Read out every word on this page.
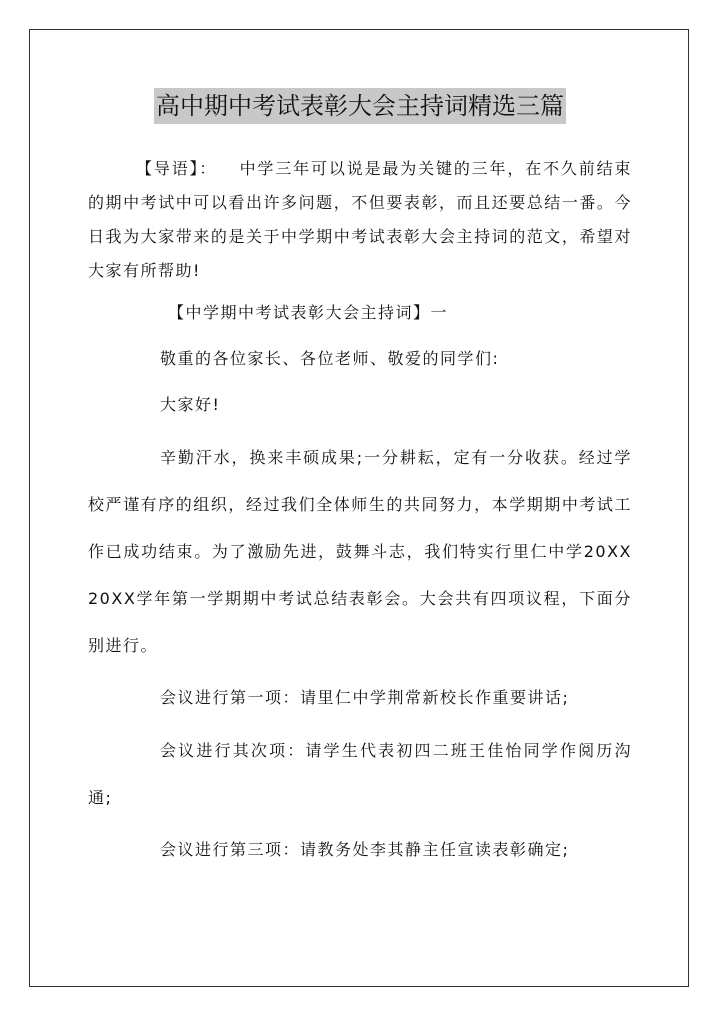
高中期中考试表彰大会主持词精选三篇

【导语】： 中学三年可以说是最为关键的三年，在不久前结束的期中考试中可以看出许多问题，不但要表彰，而且还要总结一番。今日我为大家带来的是关于中学期中考试表彰大会主持词的范文，希望对大家有所帮助!

【中学期中考试表彰大会主持词】一

敬重的各位家长、各位老师、敬爱的同学们:

大家好!

辛勤汗水，换来丰硕成果;一分耕耘，定有一分收获。经过学校严谨有序的组织，经过我们全体师生的共同努力，本学期期中考试工作已成功结束。为了激励先进，鼓舞斗志，我们特实行里仁中学20XX20XX学年第一学期期中考试总结表彰会。大会共有四项议程，下面分别进行。

会议进行第一项：请里仁中学荆常新校长作重要讲话;

会议进行其次项：请学生代表初四二班王佳怡同学作阅历沟通;

会议进行第三项：请教务处李其静主任宣读表彰确定;
